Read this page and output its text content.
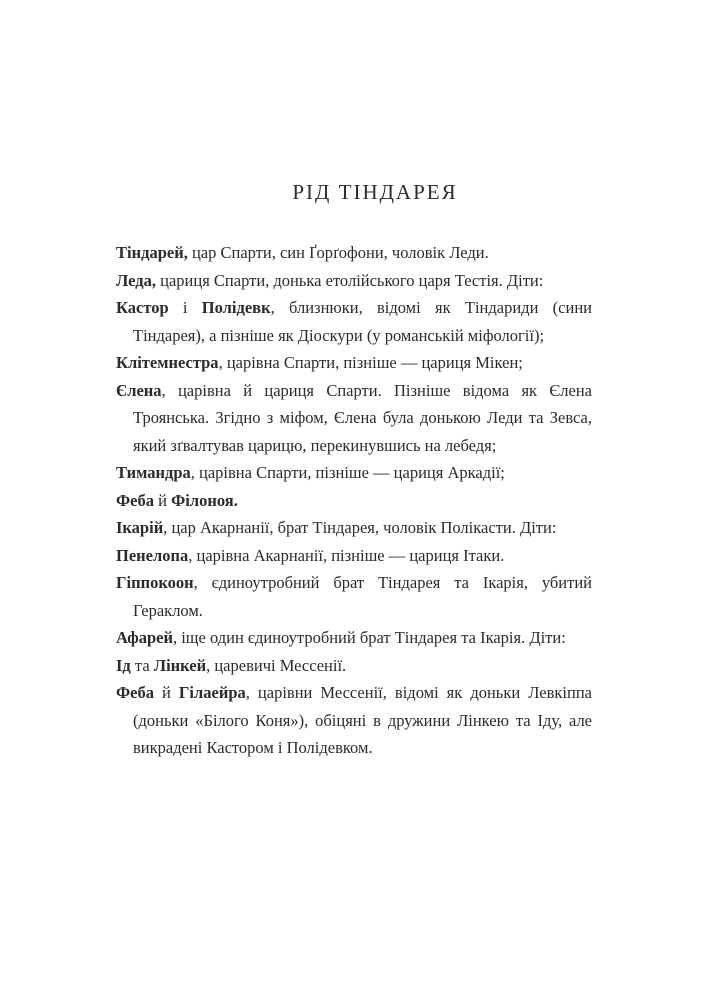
РІД ТІНДАРЕЯ

Тіндарей, цар Спарти, син Ґорґофони, чоловік Леди.

Леда, цариця Спарти, донька етолійського царя Тестія. Діти:

Кастор і Полідевк, близнюки, відомі як Тіндариди (сини Тіндарея), а пізніше як Діоскури (у романській міфології);

Клітемнестра, царівна Спарти, пізніше — цариця Мікен;

Єлена, царівна й цариця Спарти. Пізніше відома як Єлена Троянська. Згідно з міфом, Єлена була донькою Леди та Зевса, який зґвалтував царицю, перекинувшись на лебедя;

Тимандра, царівна Спарти, пізніше — цариця Аркадії;

Феба й Філоноя.

Ікарій, цар Акарнанії, брат Тіндарея, чоловік Полікасти. Діти:

Пенелопа, царівна Акарнанії, пізніше — цариця Ітаки.

Гіппокоон, єдиноутробний брат Тіндарея та Ікарія, убитий Гераклом.

Афарей, іще один єдиноутробний брат Тіндарея та Ікарія. Діти:

Ід та Лінкей, царевичі Мессенії.

Феба й Гілаейра, царівни Мессенії, відомі як доньки Левкіппа (доньки «Білого Коня»), обіцяні в дружини Лінкею та Іду, але викрадені Кастором і Полідевком.
